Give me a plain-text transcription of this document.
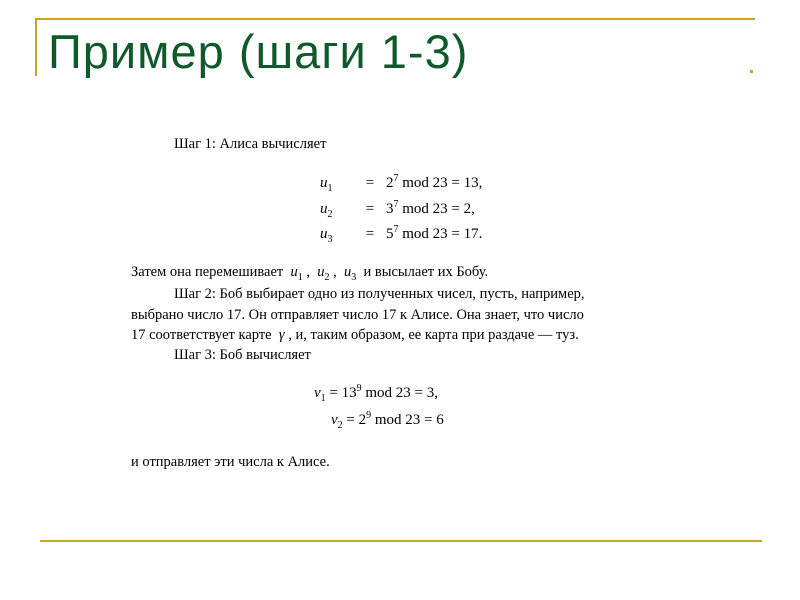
Пример (шаги 1-3)
Шаг 1: Алиса вычисляет
$u_1$	= $2^7$ mod 23 = 13,
$u_2$	= $3^7$ mod 23 = 2,
$u_3$	= $5^7$ mod 23 = 17.
Затем она перемешивает $u_1$ , $u_2$ , $u_3$ и высылает их Бобу.
Шаг 2: Боб выбирает одно из полученных чисел, пусть, например,
выбрано число 17. Он отправляет число 17 к Алисе. Она знает, что число
17 соответствует карте γ , и, таким образом, ее карта при раздаче — туз.
Шаг 3: Боб вычисляет
$v_1 = 13^9$ mod 23 = 3,
$v_2 = 2^9$ mod 23 = 6
и отправляет эти числа к Алисе.
